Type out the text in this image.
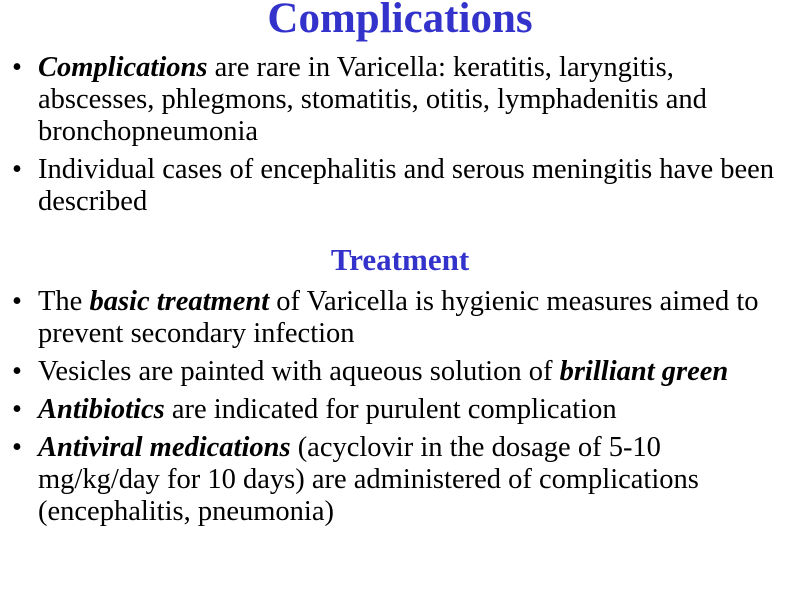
Complications
• Complications are rare in Varicella: keratitis, laryngitis, abscesses, phlegmons, stomatitis, otitis, lymphadenitis and bronchopneumonia
• Individual cases of encephalitis and serous meningitis have been described
Treatment
• The basic treatment of Varicella is hygienic measures aimed to prevent secondary infection
• Vesicles are painted with aqueous solution of brilliant green
• Antibiotics are indicated for purulent complication
• Antiviral medications (acyclovir in the dosage of 5-10 mg/kg/day for 10 days) are administered of complications (encephalitis, pneumonia)
